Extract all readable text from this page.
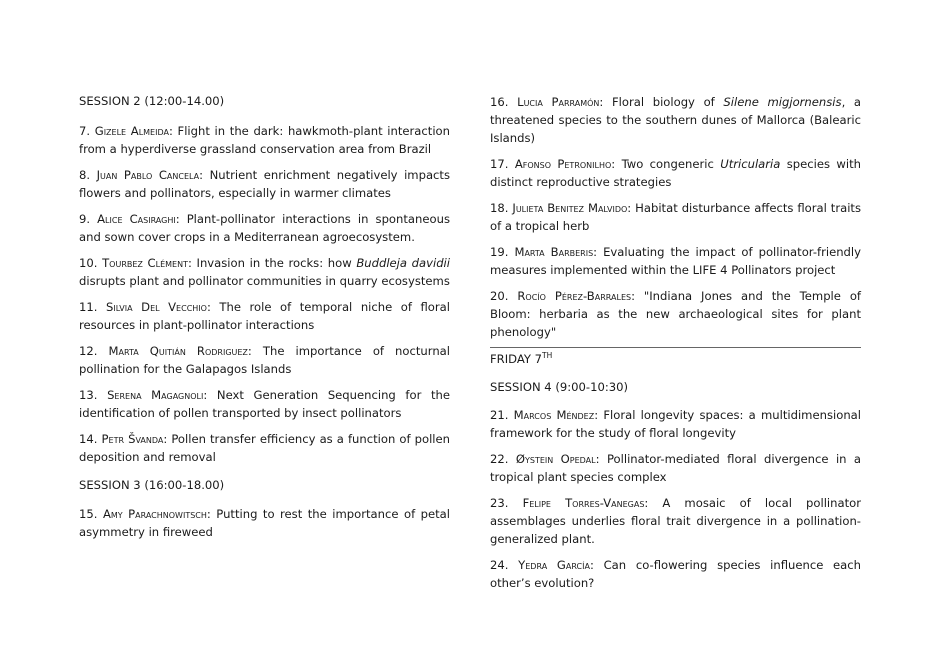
SESSION 2 (12:00-14.00)

7. Gizele Almeida: Flight in the dark: hawkmoth-plant interaction from a hyperdiverse grassland conservation area from Brazil

8. Juan Pablo Cancela: Nutrient enrichment negatively impacts flowers and pollinators, especially in warmer climates

9. Alice Casiraghi: Plant-pollinator interactions in spontaneous and sown cover crops in a Mediterranean agroecosystem.

10. Tourbez Clément: Invasion in the rocks: how Buddleja davidii disrupts plant and pollinator communities in quarry ecosystems

11. Silvia Del Vecchio: The role of temporal niche of floral resources in plant-pollinator interactions

12. Marta Quitián Rodriguez: The importance of nocturnal pollination for the Galapagos Islands

13. Serena Magagnoli: Next Generation Sequencing for the identification of pollen transported by insect pollinators

14. Petr Švanda: Pollen transfer efficiency as a function of pollen deposition and removal

SESSION 3 (16:00-18.00)

15. Amy Parachnowitsch: Putting to rest the importance of petal asymmetry in fireweed

16. Lucia Parramón: Floral biology of Silene migjornensis, a threatened species to the southern dunes of Mallorca (Balearic Islands)

17. Afonso Petronilho: Two congeneric Utricularia species with distinct reproductive strategies

18. Julieta Benitez Malvido: Habitat disturbance affects floral traits of a tropical herb

19. Marta Barberis: Evaluating the impact of pollinator-friendly measures implemented within the LIFE 4 Pollinators project

20. Rocío Pérez-Barrales: "Indiana Jones and the Temple of Bloom: herbaria as the new archaeological sites for plant phenology"

FRIDAY 7TH

SESSION 4 (9:00-10:30)

21. Marcos Méndez: Floral longevity spaces: a multidimensional framework for the study of floral longevity

22. Øystein Opedal: Pollinator-mediated floral divergence in a tropical plant species complex

23. Felipe Torres-Vanegas: A mosaic of local pollinator assemblages underlies floral trait divergence in a pollination-generalized plant.

24. Yedra García: Can co-flowering species influence each other’s evolution?
